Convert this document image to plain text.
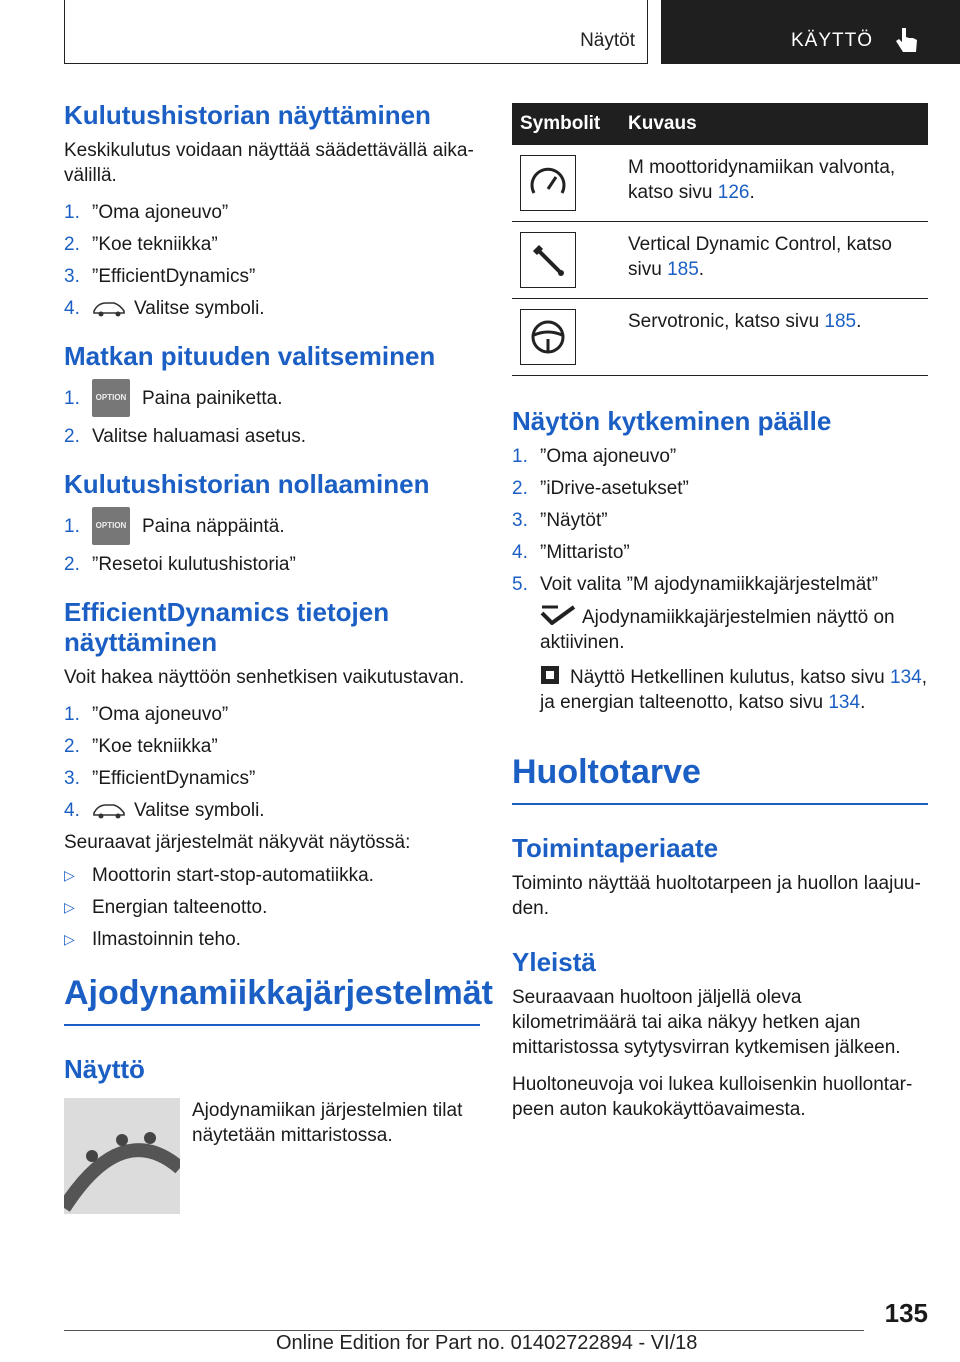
Näytöt	KÄYTTÖ
Kulutushistorian näyttäminen

Keskikulutus voidaan näyttää säädettävällä aikavälillä.

1. ”Oma ajoneuvo”
2. ”Koe tekniikka”
3. ”EfficientDynamics”
4.	Valitse symboli.
Matkan pituuden valitseminen
1.	OPTION Paina painiketta.
2. Valitse haluamasi asetus.
Kulutushistorian nollaaminen
1.	OPTION Paina näppäintä.
2. ”Resetoi kulutushistoria”
EfficientDynamics tietojen näyttäminen

Voit hakea näyttöön senhetkisen vaikutustavan.

1. ”Oma ajoneuvo”
2. ”Koe tekniikka”
3. ”EfficientDynamics”
4.	Valitse symboli.

Seuraavat järjestelmät näkyvät näytössä:

▷ Moottorin start-stop-automatiikka.
▷ Energian talteenotto.
▷ Ilmastoinnin teho.
Ajodynamiikkajärjestelmät
Näyttö

Ajodynamiikan järjestelmien tilat näytetään mittaristossa.

Symbolit	Kuvaus

	M moottoridynamiikan valvonta, katso sivu 126.

	Vertical Dynamic Control, katso sivu 185.

	Servotronic, katso sivu 185.
Näytön kytkeminen päälle
1. ”Oma ajoneuvo”
2. ”iDrive-asetukset”
3. ”Näytöt”
4. ”Mittaristo”
5. Voit valita ”M ajodynamiikkajärjestelmät”
Ajodynamiikkajärjestelmien näyttö on aktiivinen.
Näyttö Hetkellinen kulutus, katso sivu 134, ja energian talteenotto, katso sivu 134.
Huoltotarve
Toimintaperiaate

Toiminto näyttää huoltotarpeen ja huollon laajuuden.

Yleistä

Seuraavaan huoltoon jäljellä oleva kilometrimäärä tai aika näkyy hetken ajan mittaristossa sytytysvirran kytkemisen jälkeen.

Huoltoneuvoja voi lukea kulloisenkin huollontarpeen auton kaukokäyttöavaimesta.

135
Online Edition for Part no. 01402722894 - VI/18
